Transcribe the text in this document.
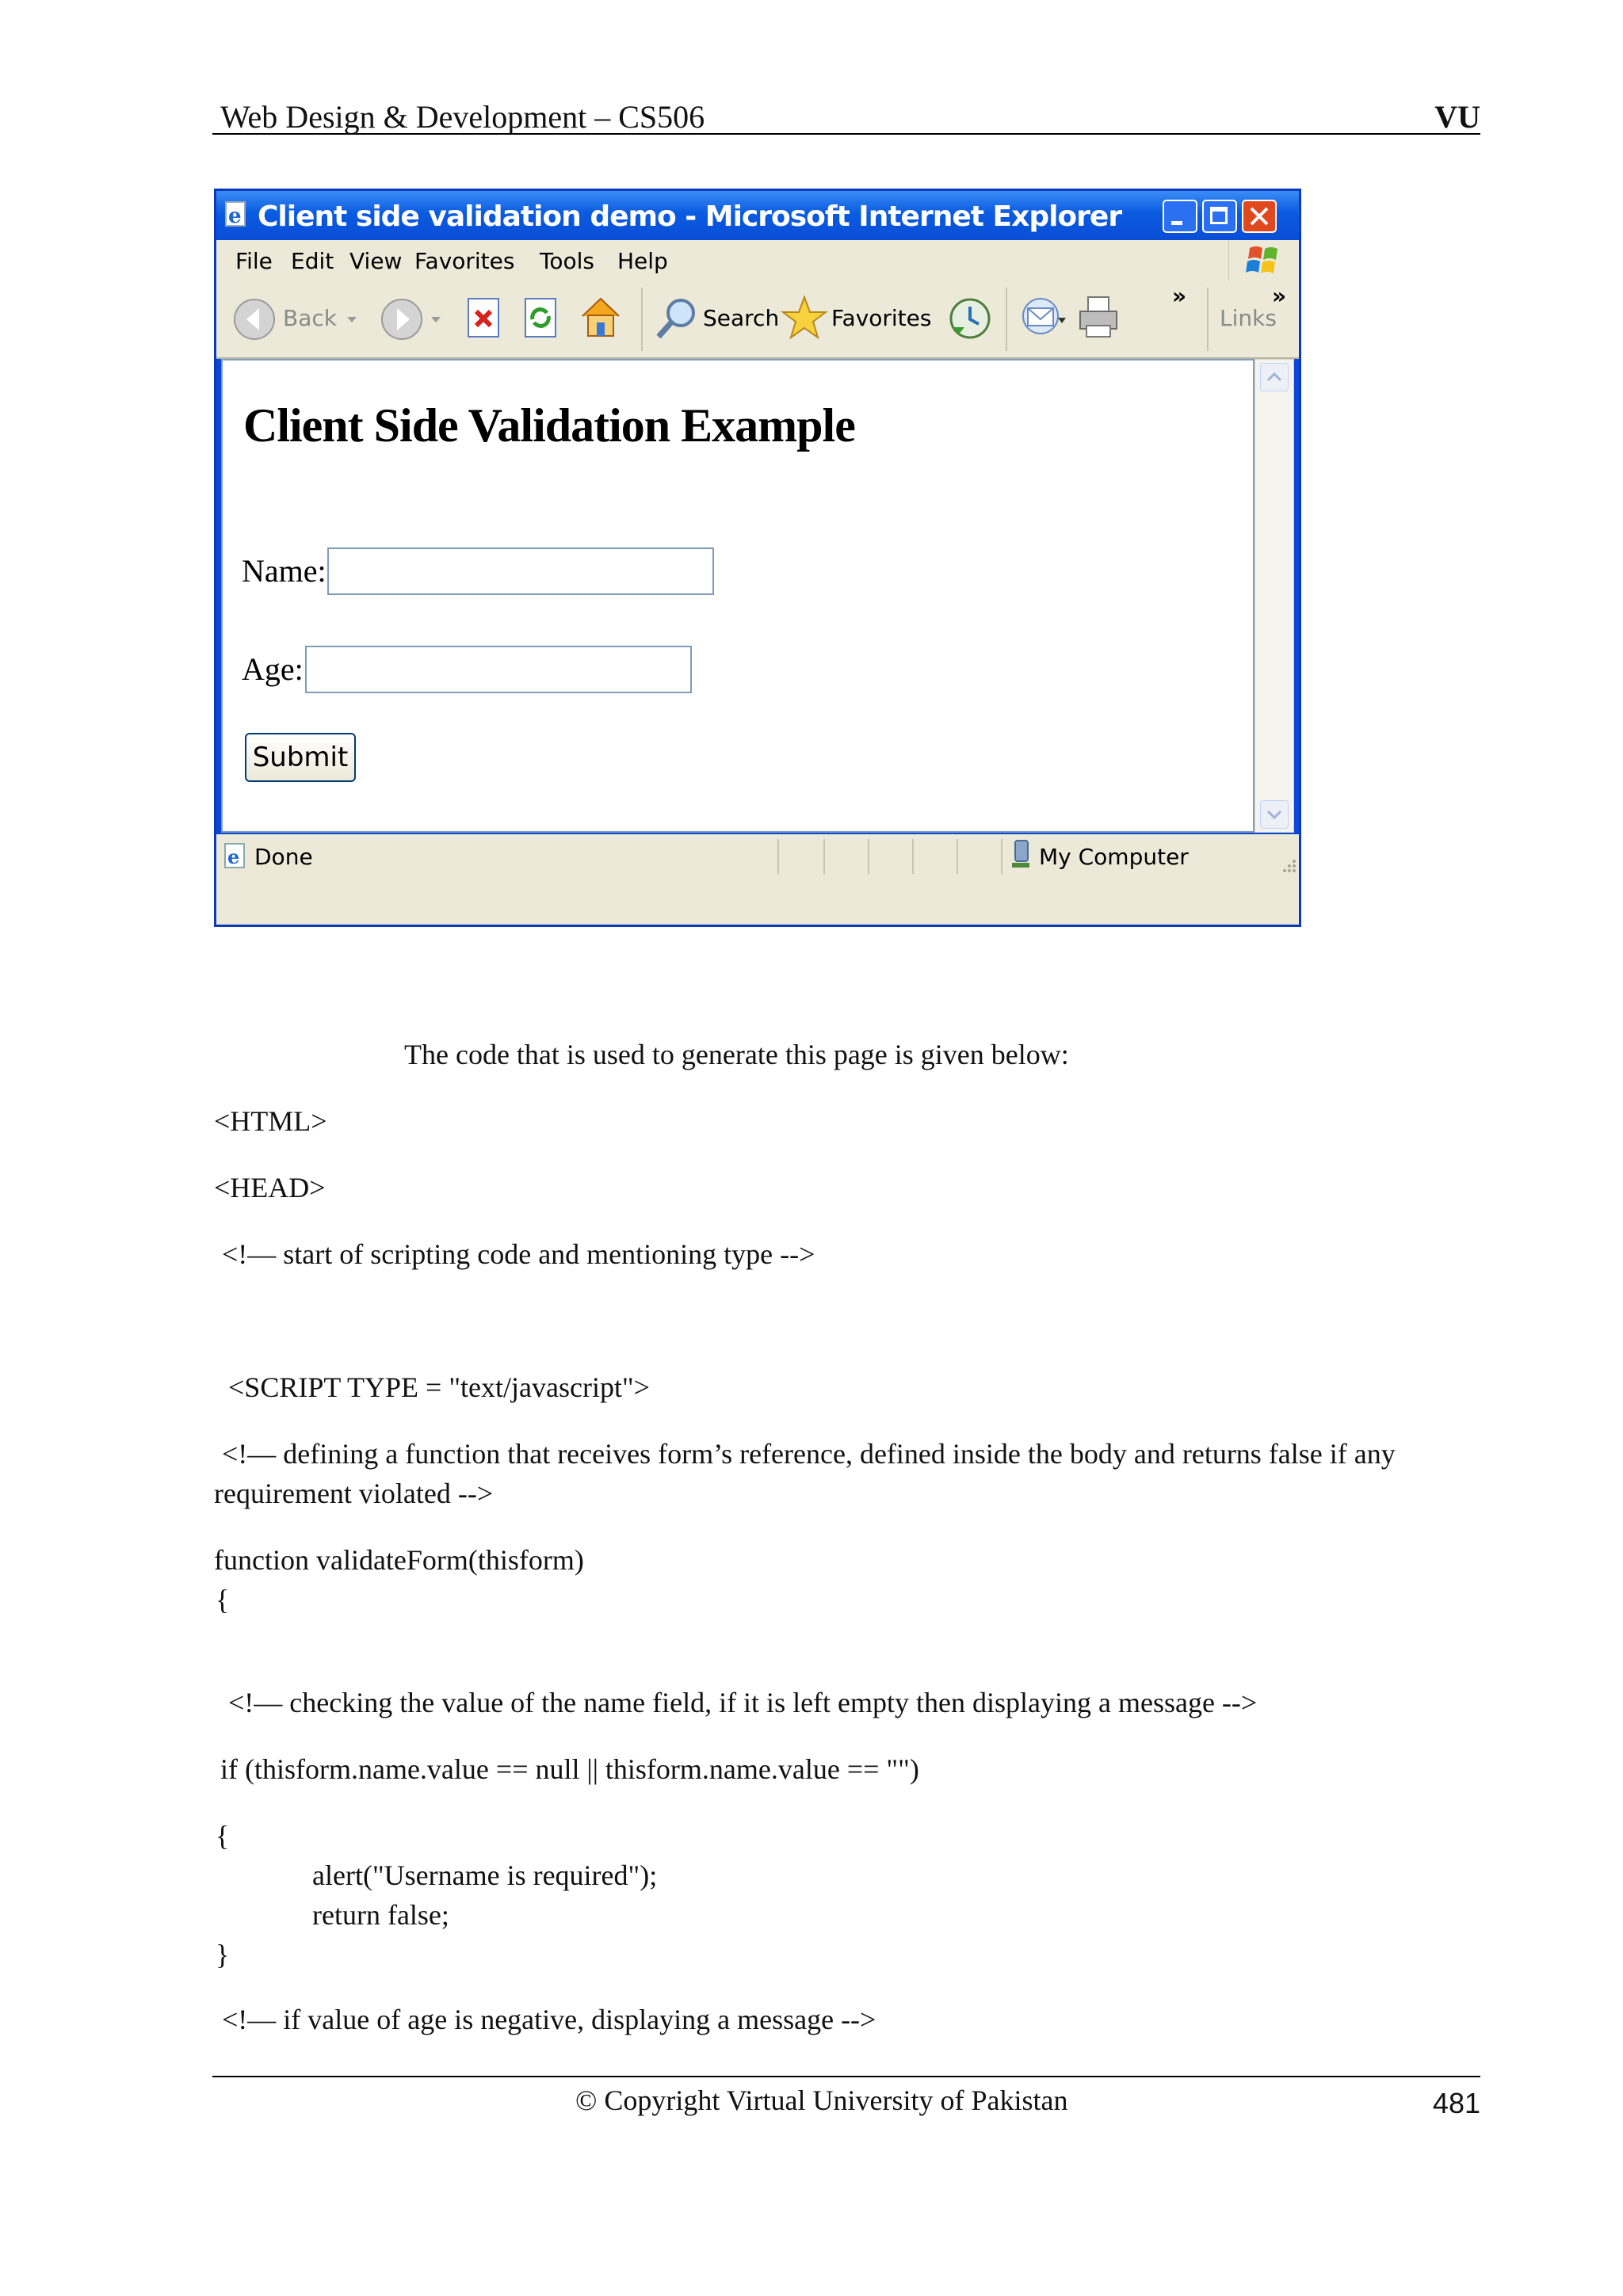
Web Design & Development – CS506	VU
e Client side validation demo - Microsoft Internet Explorer
File Edit View Favorites Tools Help
Back	Search Favorites
»
Links
»
Client Side Validation Example
Name:
Age:
Submit
e Done	My Computer
The code that is used to generate this page is given below:
<HTML>
<HEAD>
<!— start of scripting code and mentioning type -->
<SCRIPT TYPE = "text/javascript">
<!— defining a function that receives form’s reference, defined inside the body and returns false if any
requirement violated -->
function validateForm(thisform)
{
<!— checking the value of the name field, if it is left empty then displaying a message -->
if (thisform.name.value == null || thisform.name.value == "")
{
alert("Username is required");
return false;
}
<!— if value of age is negative, displaying a message -->
© Copyright Virtual University of Pakistan	481
